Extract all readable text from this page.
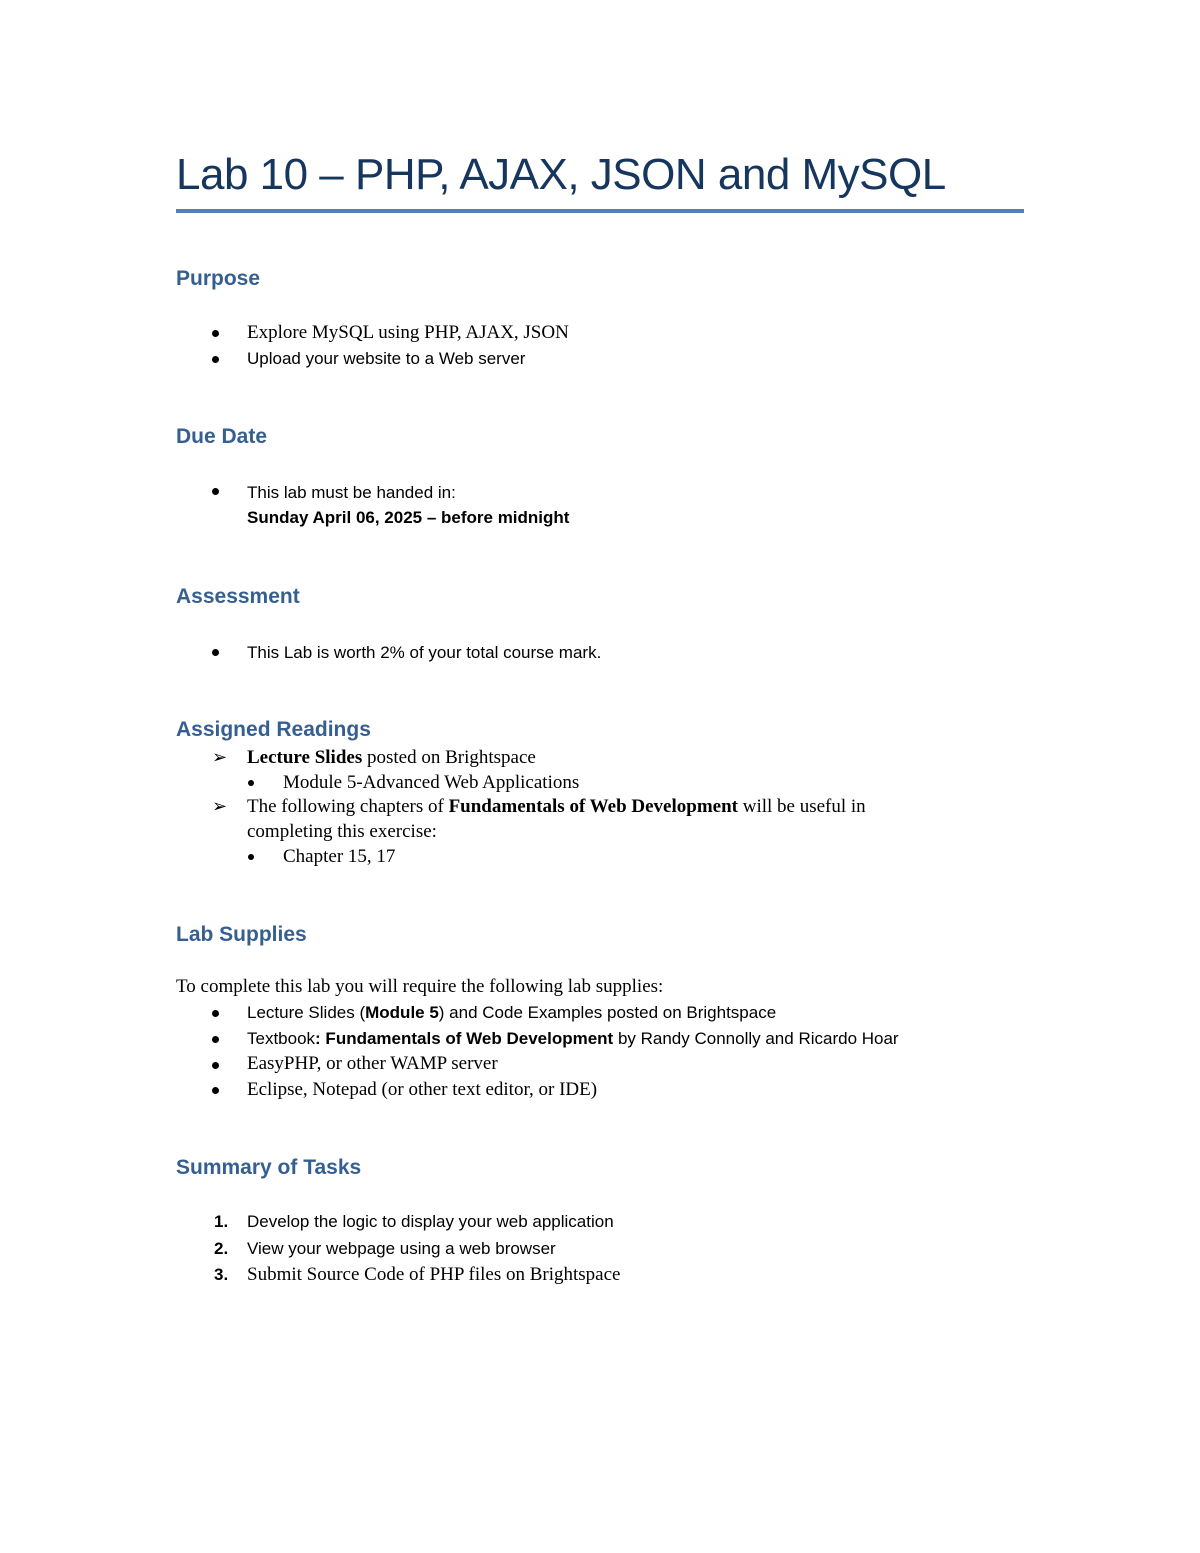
Lab 10 – PHP, AJAX, JSON and MySQL
Purpose
Explore MySQL using PHP, AJAX, JSON
Upload your website to a Web server
Due Date
This lab must be handed in:
Sunday April 06, 2025 – before midnight
Assessment
This Lab is worth 2% of your total course mark.
Assigned Readings
➢ Lecture Slides posted on Brightspace
Module 5-Advanced Web Applications
➢ The following chapters of Fundamentals of Web Development will be useful in
completing this exercise:
Chapter 15, 17
Lab Supplies
To complete this lab you will require the following lab supplies:
Lecture Slides (Module 5) and Code Examples posted on Brightspace
Textbook: Fundamentals of Web Development by Randy Connolly and Ricardo Hoar
EasyPHP, or other WAMP server
Eclipse, Notepad (or other text editor, or IDE)
Summary of Tasks
1. Develop the logic to display your web application
2. View your webpage using a web browser
3. Submit Source Code of PHP files on Brightspace
